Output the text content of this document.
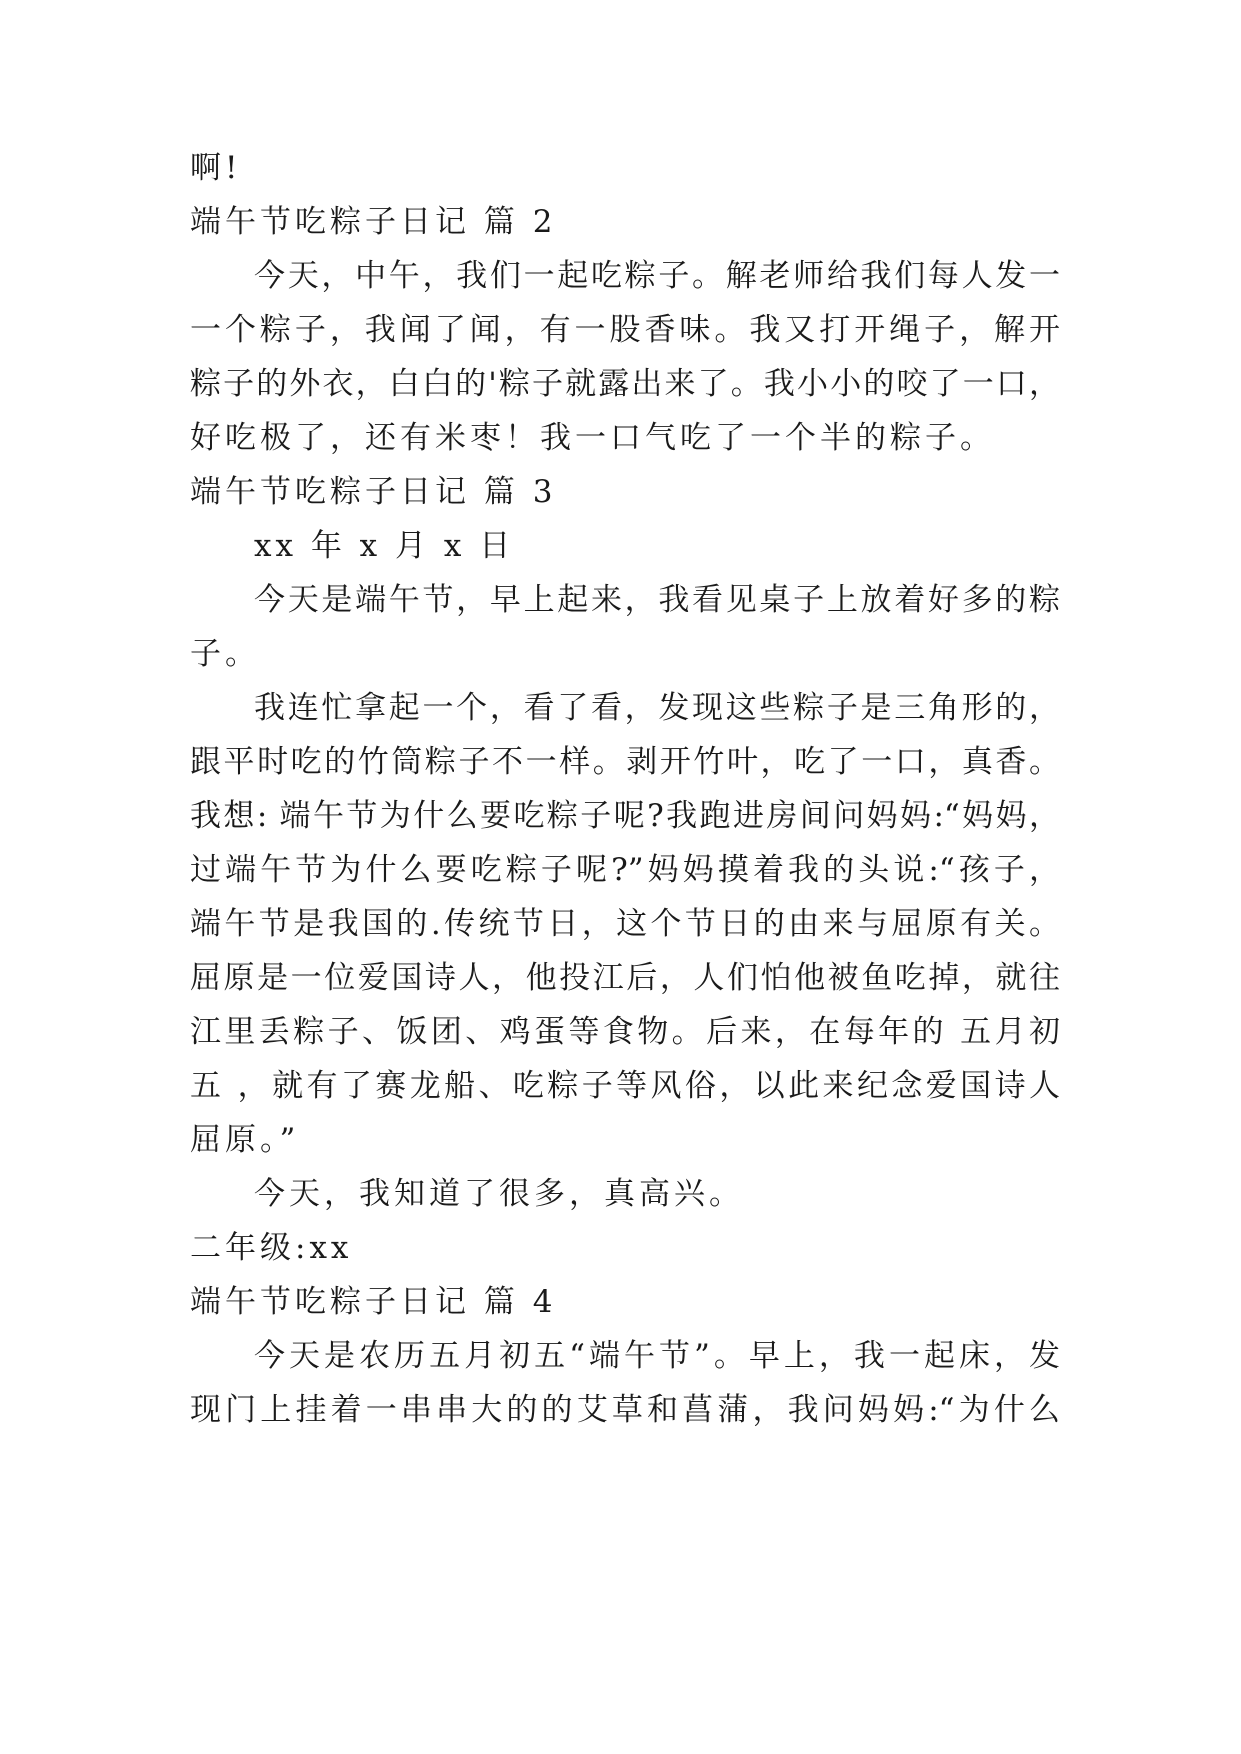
啊!
端午节吃粽子日记 篇 2
今天，中午，我们一起吃粽子。解老师给我们每人发一
一个粽子，我闻了闻，有一股香味。我又打开绳子，解开
粽子的外衣，白白的'粽子就露出来了。我小小的咬了一口，
好吃极了，还有米枣！我一口气吃了一个半的粽子。
端午节吃粽子日记 篇 3
xx 年 x 月 x 日
今天是端午节，早上起来，我看见桌子上放着好多的粽
子。
我连忙拿起一个，看了看，发现这些粽子是三角形的，
跟平时吃的竹筒粽子不一样。剥开竹叶，吃了一口，真香。
我想: 端午节为什么要吃粽子呢?我跑进房间问妈妈:“妈妈，
过端午节为什么要吃粽子呢?”妈妈摸着我的头说:“孩子，
端午节是我国的.传统节日，这个节日的由来与屈原有关。
屈原是一位爱国诗人，他投江后，人们怕他被鱼吃掉，就往
江里丢粽子、饭团、鸡蛋等食物。后来，在每年的 五月初
五 ，就有了赛龙船、吃粽子等风俗，以此来纪念爱国诗人
屈原。”
今天，我知道了很多，真高兴。
二年级:xx
端午节吃粽子日记 篇 4
今天是农历五月初五“端午节”。早上，我一起床，发
现门上挂着一串串大的的艾草和菖蒲，我问妈妈:“为什么
